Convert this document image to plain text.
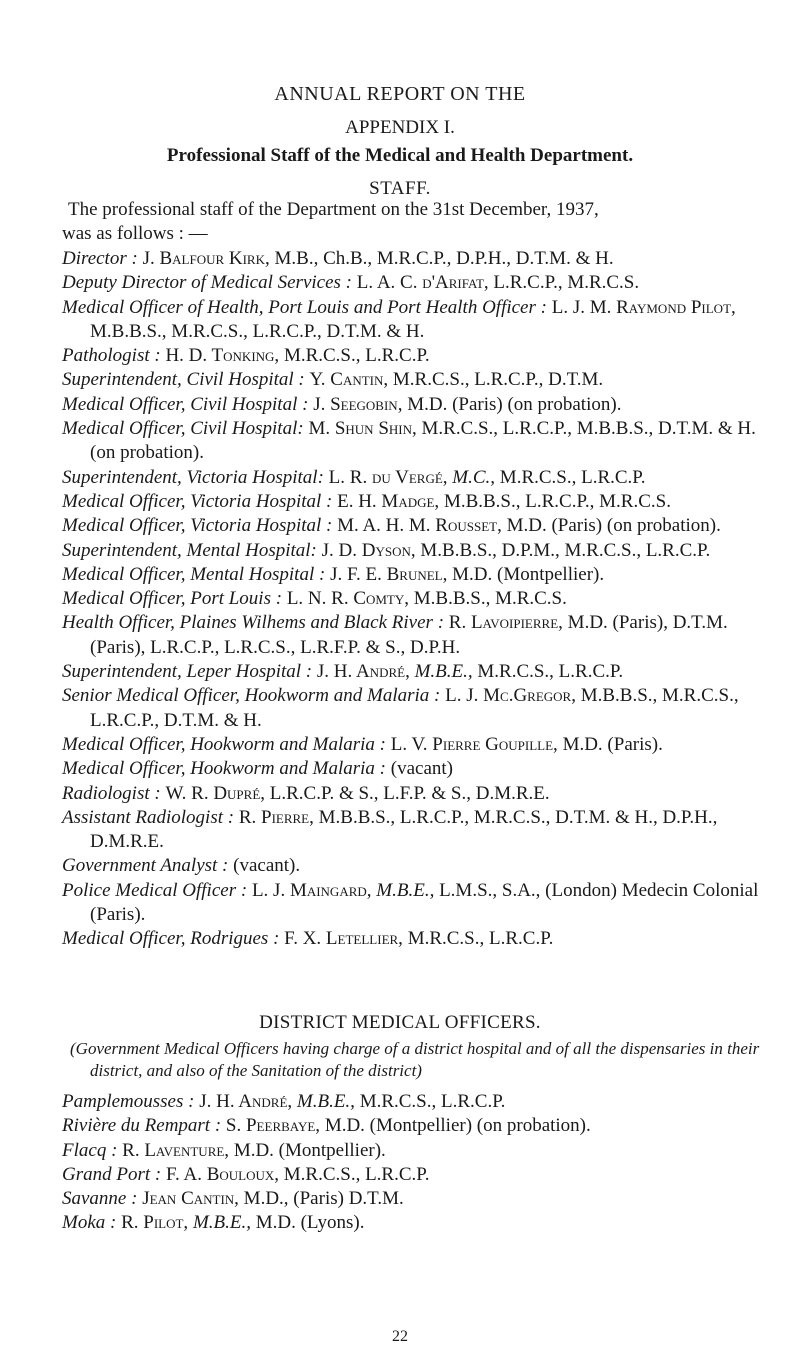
ANNUAL REPORT ON THE
APPENDIX I.
Professional Staff of the Medical and Health Department.
STAFF.

The professional staff of the Department on the 31st December, 1937,

was as follows : —

Director : J. Balfour Kirk, M.B., Ch.B., M.R.C.P., D.P.H., D.T.M. & H.

Deputy Director of Medical Services : L. A. C. d'Arifat, L.R.C.P., M.R.C.S.

Medical Officer of Health, Port Louis and Port Health Officer : L. J. M. Raymond Pilot, M.B.B.S., M.R.C.S., L.R.C.P., D.T.M. & H.

Pathologist : H. D. Tonking, M.R.C.S., L.R.C.P.

Superintendent, Civil Hospital : Y. Cantin, M.R.C.S., L.R.C.P., D.T.M.

Medical Officer, Civil Hospital : J. Seegobin, M.D. (Paris) (on probation).

Medical Officer, Civil Hospital: M. Shun Shin, M.R.C.S., L.R.C.P., M.B.B.S., D.T.M. & H. (on probation).

Superintendent, Victoria Hospital: L. R. du Vergé, M.C., M.R.C.S., L.R.C.P.

Medical Officer, Victoria Hospital : E. H. Madge, M.B.B.S., L.R.C.P., M.R.C.S.

Medical Officer, Victoria Hospital : M. A. H. M. Rousset, M.D. (Paris) (on probation).

Superintendent, Mental Hospital: J. D. Dyson, M.B.B.S., D.P.M., M.R.C.S., L.R.C.P.

Medical Officer, Mental Hospital : J. F. E. Brunel, M.D. (Montpellier).

Medical Officer, Port Louis : L. N. R. Comty, M.B.B.S., M.R.C.S.

Health Officer, Plaines Wilhems and Black River : R. Lavoipierre, M.D. (Paris), D.T.M. (Paris), L.R.C.P., L.R.C.S., L.R.F.P. & S., D.P.H.

Superintendent, Leper Hospital : J. H. André, M.B.E., M.R.C.S., L.R.C.P.

Senior Medical Officer, Hookworm and Malaria : L. J. Mc.Gregor, M.B.B.S., M.R.C.S., L.R.C.P., D.T.M. & H.

Medical Officer, Hookworm and Malaria : L. V. Pierre Goupille, M.D. (Paris).

Medical Officer, Hookworm and Malaria : (vacant)

Radiologist : W. R. Dupré, L.R.C.P. & S., L.F.P. & S., D.M.R.E.

Assistant Radiologist : R. Pierre, M.B.B.S., L.R.C.P., M.R.C.S., D.T.M. & H., D.P.H., D.M.R.E.

Government Analyst : (vacant).

Police Medical Officer : L. J. Maingard, M.B.E., L.M.S., S.A., (London) Medecin Colonial (Paris).

Medical Officer, Rodrigues : F. X. Letellier, M.R.C.S., L.R.C.P.

DISTRICT MEDICAL OFFICERS.
(Government Medical Officers having charge of a district hospital and of all the dispensaries in their district, and also of the Sanitation of the district)

Pamplemousses : J. H. André, M.B.E., M.R.C.S., L.R.C.P.

Rivière du Rempart : S. Peerbaye, M.D. (Montpellier) (on probation).

Flacq : R. Laventure, M.D. (Montpellier).

Grand Port : F. A. Bouloux, M.R.C.S., L.R.C.P.

Savanne : Jean Cantin, M.D., (Paris) D.T.M.

Moka : R. Pilot, M.B.E., M.D. (Lyons).

22
